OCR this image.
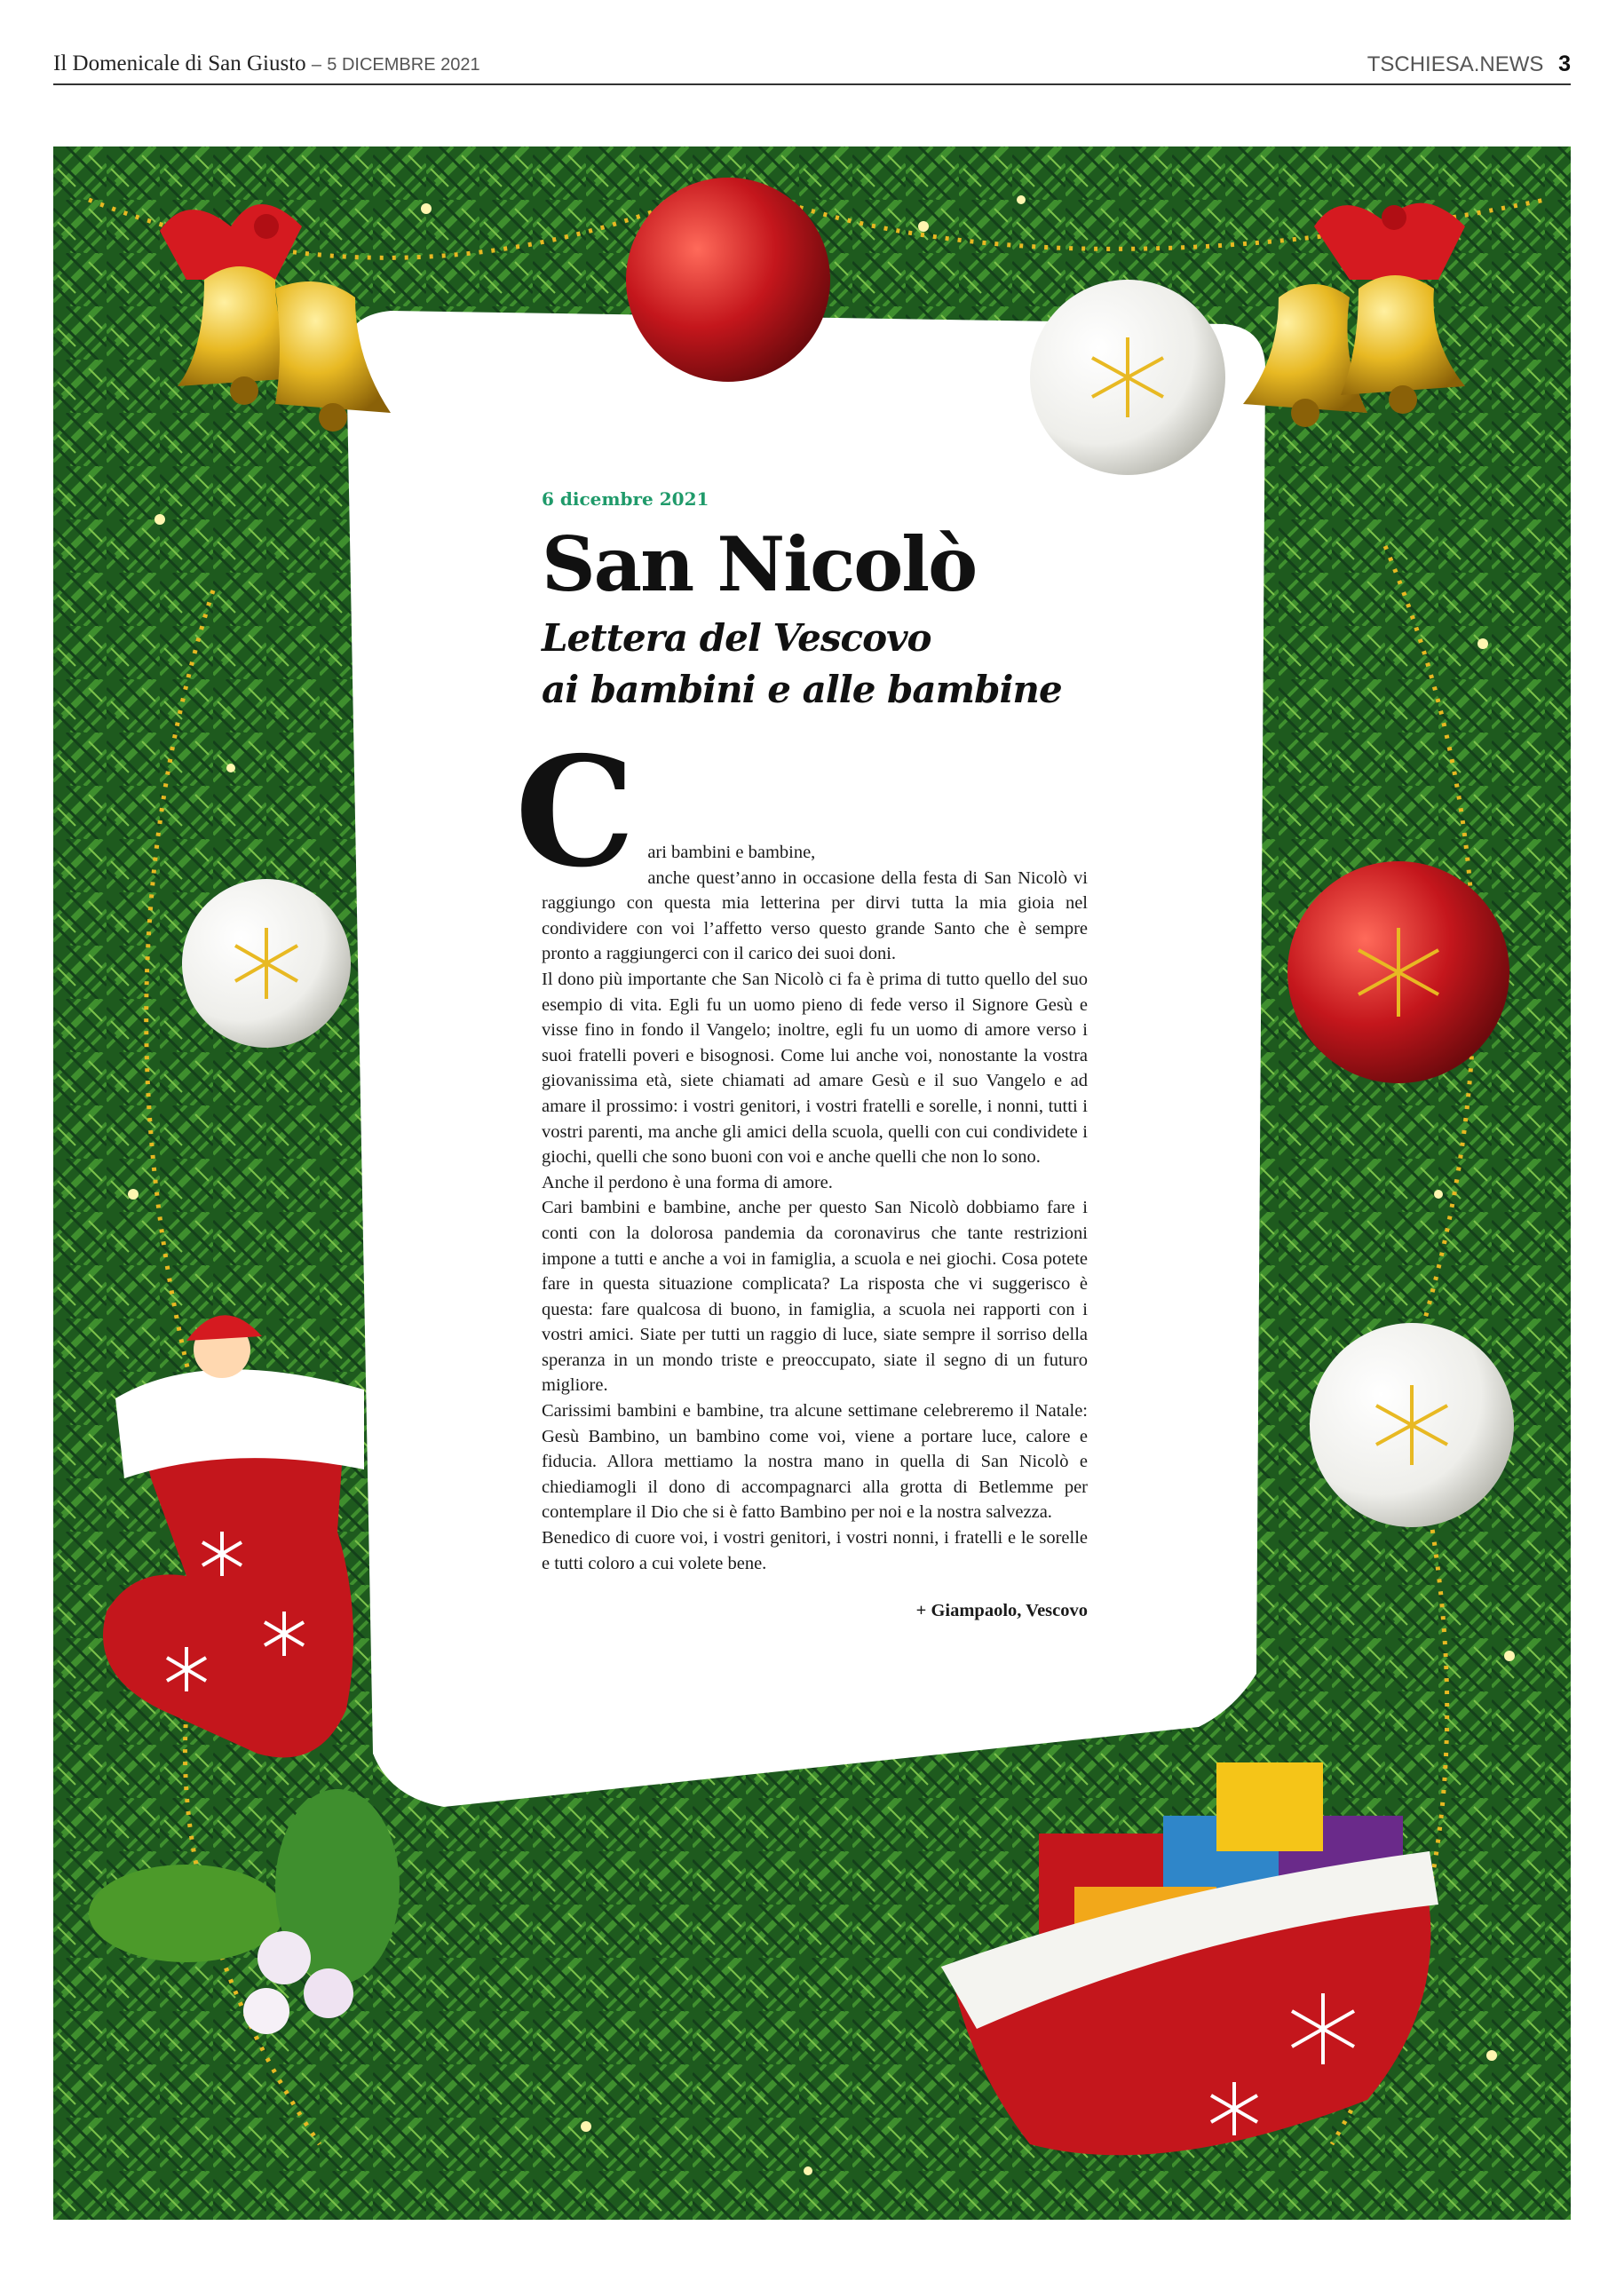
Il Domenicale di San Giusto – 5 DICEMBRE 2021	TSCHIESA.NEWS 3
6 dicembre 2021
San Nicolò
Lettera del Vescovo
ai bambini e alle bambine
C ari bambini e bambine,

anche quest’anno in occasione della festa di San Nicolò vi raggiungo con questa mia letterina per dirvi tutta la mia gioia nel condividere con voi l’affetto verso questo grande Santo che è sempre pronto a raggiungerci con il carico dei suoi doni.

Il dono più importante che San Nicolò ci fa è prima di tutto quello del suo esempio di vita. Egli fu un uomo pieno di fede verso il Signore Gesù e visse fino in fondo il Vangelo; inoltre, egli fu un uomo di amore verso i suoi fratelli poveri e bisognosi. Come lui anche voi, nonostante la vostra giovanissima età, siete chiamati ad amare Gesù e il suo Vangelo e ad amare il prossimo: i vostri genitori, i vostri fratelli e sorelle, i nonni, tutti i vostri parenti, ma anche gli amici della scuola, quelli con cui condividete i giochi, quelli che sono buoni con voi e anche quelli che non lo sono.

Anche il perdono è una forma di amore.

Cari bambini e bambine, anche per questo San Nicolò dobbiamo fare i conti con la dolorosa pandemia da coronavirus che tante restrizioni impone a tutti e anche a voi in famiglia, a scuola e nei giochi. Cosa potete fare in questa situazione complicata? La risposta che vi suggerisco è questa: fare qualcosa di buono, in famiglia, a scuola nei rapporti con i vostri amici. Siate per tutti un raggio di luce, siate sempre il sorriso della speranza in un mondo triste e preoccupato, siate il segno di un futuro migliore.

Carissimi bambini e bambine, tra alcune settimane celebreremo il Natale: Gesù Bambino, un bambino come voi, viene a portare luce, calore e fiducia. Allora mettiamo la nostra mano in quella di San Nicolò e chiediamogli il dono di accompagnarci alla grotta di Betlemme per contemplare il Dio che si è fatto Bambino per noi e la nostra salvezza.

Benedico di cuore voi, i vostri genitori, i vostri nonni, i fratelli e le sorelle e tutti coloro a cui volete bene.

+ Giampaolo, Vescovo
